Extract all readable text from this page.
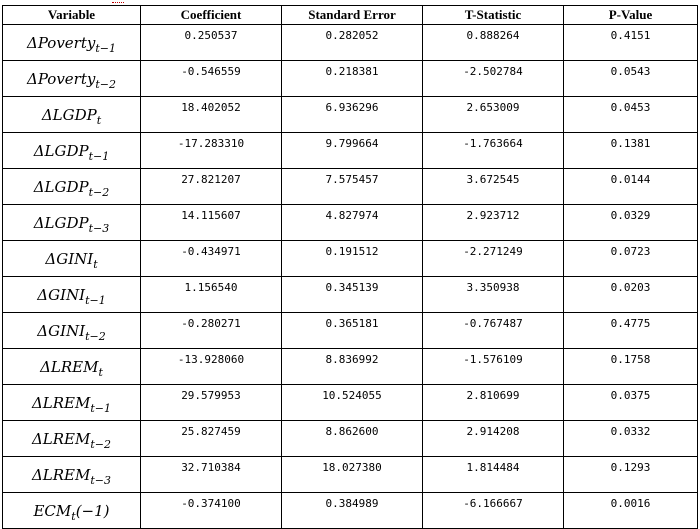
Variable	Coefficient	Standard Error	T-Statistic	P-Value
ΔPoverty$_{t-1}$	0.250537	0.282052	0.888264	0.4151
ΔPoverty$_{t-2}$	-0.546559	0.218381	-2.502784	0.0543
$\Delta LGDP_t$	18.402052	6.936296	2.653009	0.0453
$\Delta LGDP_{t-1}$	-17.283310	9.799664	-1.763664	0.1381
$\Delta LGDP_{t-2}$	27.821207	7.575457	3.672545	0.0144
$\Delta LGDP_{t-3}$	14.115607	4.827974	2.923712	0.0329
$\Delta GINI_t$	-0.434971	0.191512	-2.271249	0.0723
$\Delta GINI_{t-1}$	1.156540	0.345139	3.350938	0.0203
$\Delta GINI_{t-2}$	-0.280271	0.365181	-0.767487	0.4775
$\Delta LREM_t$	-13.928060	8.836992	-1.576109	0.1758
$\Delta LREM_{t-1}$	29.579953	10.524055	2.810699	0.0375
$\Delta LREM_{t-2}$	25.827459	8.862600	2.914208	0.0332
$\Delta LREM_{t-3}$	32.710384	18.027380	1.814484	0.1293
$ECM_t(-1)$	-0.374100	0.384989	-6.166667	0.0016
